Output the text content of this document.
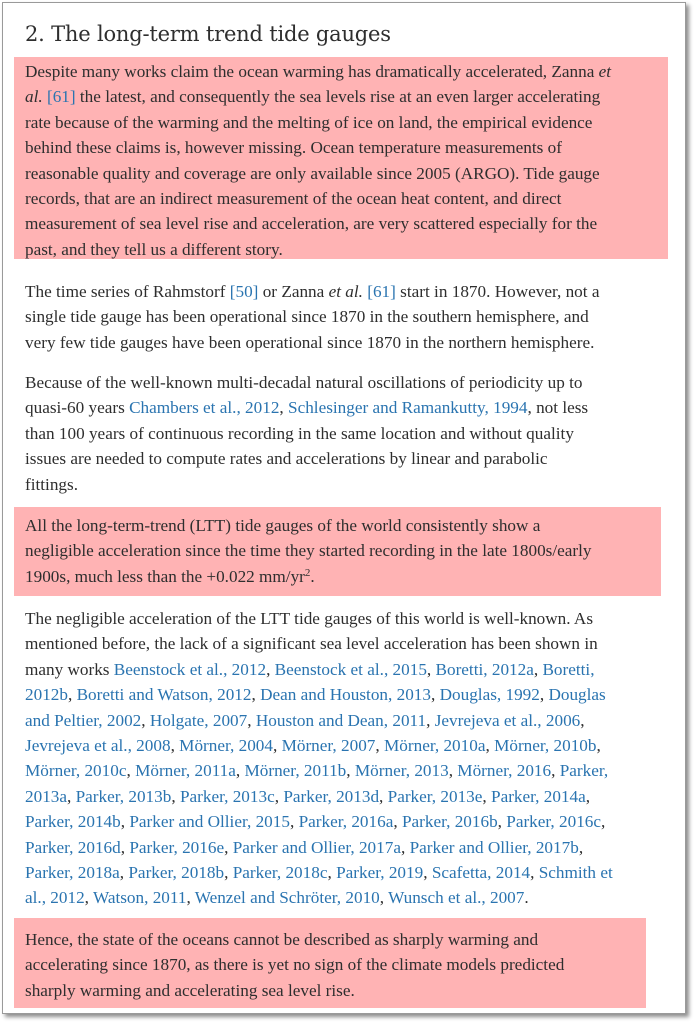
2. The long-term trend tide gauges

Despite many works claim the ocean warming has dramatically accelerated, Zanna et
al. [61] the latest, and consequently the sea levels rise at an even larger accelerating
rate because of the warming and the melting of ice on land, the empirical evidence
behind these claims is, however missing. Ocean temperature measurements of
reasonable quality and coverage are only available since 2005 (ARGO). Tide gauge
records, that are an indirect measurement of the ocean heat content, and direct
measurement of sea level rise and acceleration, are very scattered especially for the
past, and they tell us a different story.

The time series of Rahmstorf [50] or Zanna et al. [61] start in 1870. However, not a
single tide gauge has been operational since 1870 in the southern hemisphere, and
very few tide gauges have been operational since 1870 in the northern hemisphere.

Because of the well-known multi-decadal natural oscillations of periodicity up to
quasi-60 years Chambers et al., 2012, Schlesinger and Ramankutty, 1994, not less
than 100 years of continuous recording in the same location and without quality
issues are needed to compute rates and accelerations by linear and parabolic
fittings.

All the long-term-trend (LTT) tide gauges of the world consistently show a
negligible acceleration since the time they started recording in the late 1800s/early
1900s, much less than the +0.022 $mm/yr^2$.

The negligible acceleration of the LTT tide gauges of this world is well-known. As
mentioned before, the lack of a significant sea level acceleration has been shown in
many works Beenstock et al., 2012, Beenstock et al., 2015, Boretti, 2012a, Boretti,
2012b, Boretti and Watson, 2012, Dean and Houston, 2013, Douglas, 1992, Douglas
and Peltier, 2002, Holgate, 2007, Houston and Dean, 2011, Jevrejeva et al., 2006,
Jevrejeva et al., 2008, Mörner, 2004, Mörner, 2007, Mörner, 2010a, Mörner, 2010b,
Mörner, 2010c, Mörner, 2011a, Mörner, 2011b, Mörner, 2013, Mörner, 2016, Parker,
2013a, Parker, 2013b, Parker, 2013c, Parker, 2013d, Parker, 2013e, Parker, 2014a,
Parker, 2014b, Parker and Ollier, 2015, Parker, 2016a, Parker, 2016b, Parker, 2016c,
Parker, 2016d, Parker, 2016e, Parker and Ollier, 2017a, Parker and Ollier, 2017b,
Parker, 2018a, Parker, 2018b, Parker, 2018c, Parker, 2019, Scafetta, 2014, Schmith et
al., 2012, Watson, 2011, Wenzel and Schröter, 2010, Wunsch et al., 2007.

Hence, the state of the oceans cannot be described as sharply warming and
accelerating since 1870, as there is yet no sign of the climate models predicted
sharply warming and accelerating sea level rise.
